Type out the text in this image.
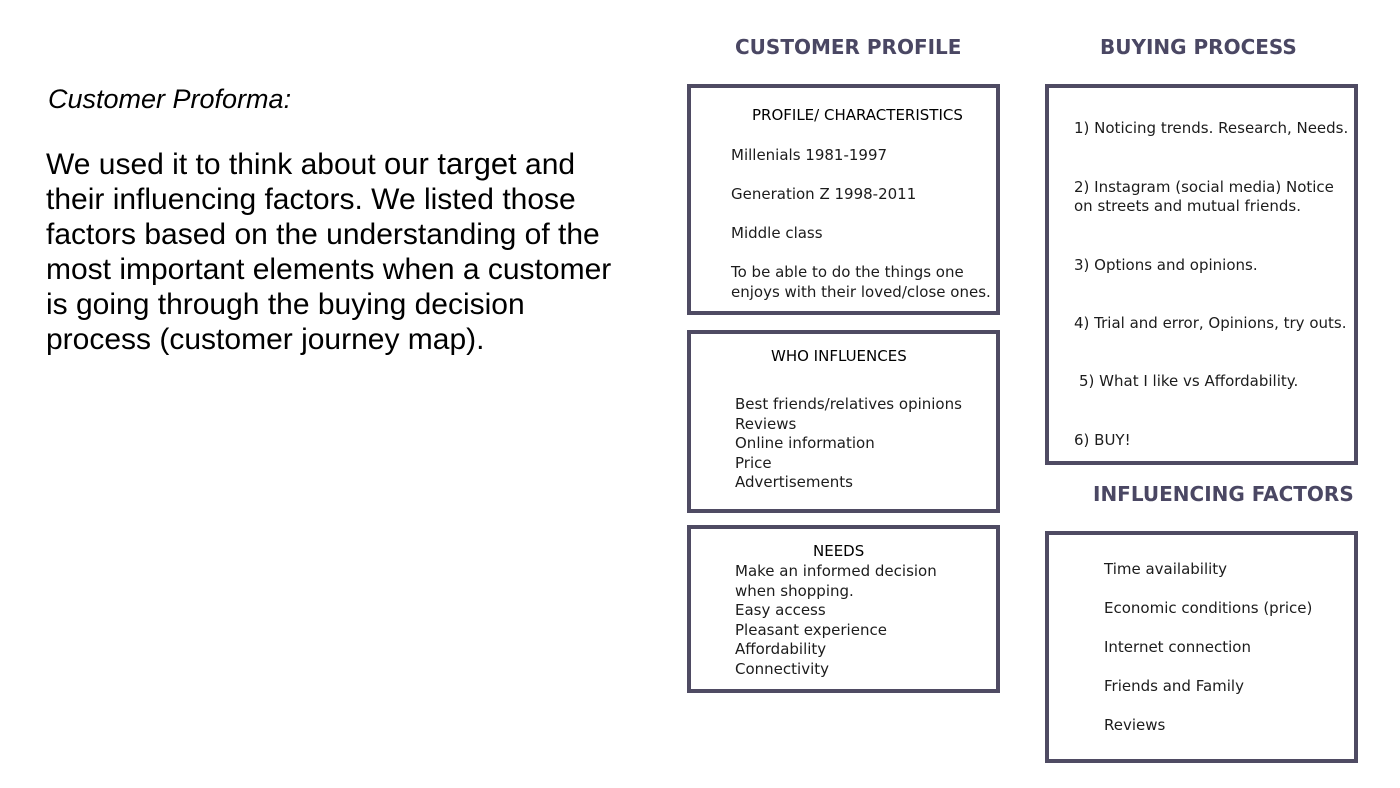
Customer Proforma:

We used it to think about our target and their influencing factors. We listed those factors based on the understanding of the most important elements when a customer is going through the buying decision process (customer journey map).

CUSTOMER PROFILE
PROFILE/ CHARACTERISTICS
Millenials 1981-1997
Generation Z 1998-2011
Middle class
To be able to do the things one
enjoys with their loved/close ones.
WHO INFLUENCES
Best friends/relatives opinions
Reviews
Online information
Price
Advertisements
NEEDS
Make an informed decision
when shopping.
Easy access
Pleasant experience
Affordability
Connectivity
BUYING PROCESS
1) Noticing trends. Research, Needs.
2) Instagram (social media) Notice
on streets and mutual friends.
3) Options and opinions.
4) Trial and error, Opinions, try outs.
5) What I like vs Affordability.
6) BUY!
INFLUENCING FACTORS
Time availability
Economic conditions (price)
Internet connection
Friends and Family
Reviews
